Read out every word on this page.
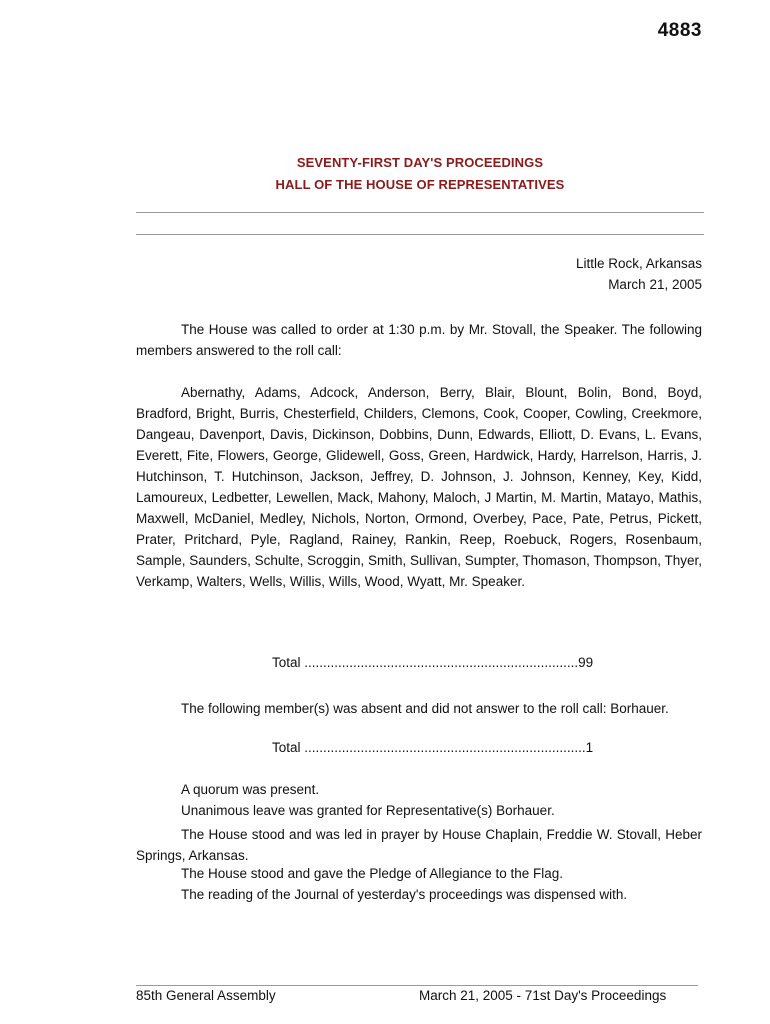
4883
SEVENTY-FIRST DAY'S PROCEEDINGS
HALL OF THE HOUSE OF REPRESENTATIVES
Little Rock, Arkansas
March 21, 2005

The House was called to order at 1:30 p.m. by Mr. Stovall, the Speaker. The following members answered to the roll call:

Abernathy, Adams, Adcock, Anderson, Berry, Blair, Blount, Bolin, Bond, Boyd, Bradford, Bright, Burris, Chesterfield, Childers, Clemons, Cook, Cooper, Cowling, Creekmore, Dangeau, Davenport, Davis, Dickinson, Dobbins, Dunn, Edwards, Elliott, D. Evans, L. Evans, Everett, Fite, Flowers, George, Glidewell, Goss, Green, Hardwick, Hardy, Harrelson, Harris, J. Hutchinson, T. Hutchinson, Jackson, Jeffrey, D. Johnson, J. Johnson, Kenney, Key, Kidd, Lamoureux, Ledbetter, Lewellen, Mack, Mahony, Maloch, J Martin, M. Martin, Matayo, Mathis, Maxwell, McDaniel, Medley, Nichols, Norton, Ormond, Overbey, Pace, Pate, Petrus, Pickett, Prater, Pritchard, Pyle, Ragland, Rainey, Rankin, Reep, Roebuck, Rogers, Rosenbaum, Sample, Saunders, Schulte, Scroggin, Smith, Sullivan, Sumpter, Thomason, Thompson, Thyer, Verkamp, Walters, Wells, Willis, Wills, Wood, Wyatt, Mr. Speaker.

Total .........................................................................99

The following member(s) was absent and did not answer to the roll call: Borhauer.

Total ...........................................................................1
A quorum was present.
Unanimous leave was granted for Representative(s) Borhauer.

The House stood and was led in prayer by House Chaplain, Freddie W. Stovall, Heber Springs, Arkansas.

The House stood and gave the Pledge of Allegiance to the Flag.
The reading of the Journal of yesterday's proceedings was dispensed with.
85th General Assembly	March 21, 2005 - 71st Day's Proceedings
